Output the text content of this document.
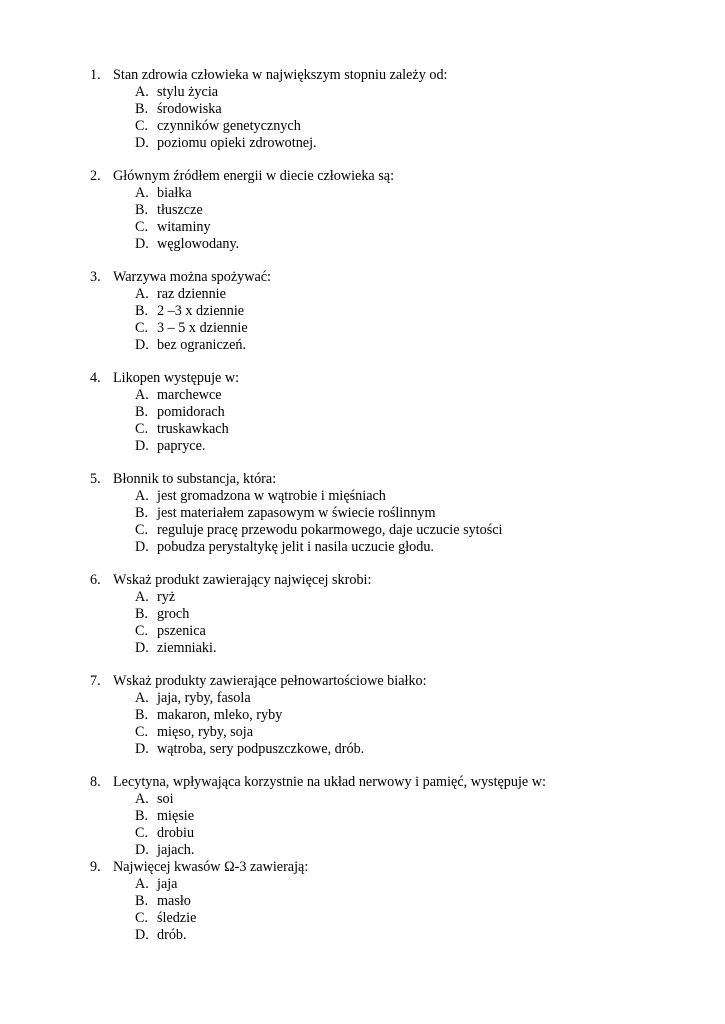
1. Stan zdrowia człowieka w największym stopniu zależy od:
A. stylu życia
B. środowiska
C. czynników genetycznych
D. poziomu opieki zdrowotnej.
2. Głównym źródłem energii w diecie człowieka są:
A. białka
B. tłuszcze
C. witaminy
D. węglowodany.
3. Warzywa można spożywać:
A. raz dziennie
B. 2 –3 x dziennie
C. 3 – 5 x dziennie
D. bez ograniczeń.
4. Likopen występuje w:
A. marchewce
B. pomidorach
C. truskawkach
D. papryce.
5. Błonnik to substancja, która:
A. jest gromadzona w wątrobie i mięśniach
B. jest materiałem zapasowym w świecie roślinnym
C. reguluje pracę przewodu pokarmowego, daje uczucie sytości
D. pobudza perystaltykę jelit i nasila uczucie głodu.
6. Wskaż produkt zawierający najwięcej skrobi:
A. ryż
B. groch
C. pszenica
D. ziemniaki.
7. Wskaż produkty zawierające pełnowartościowe białko:
A. jaja, ryby, fasola
B. makaron, mleko, ryby
C. mięso, ryby, soja
D. wątroba, sery podpuszczkowe, drób.
8. Lecytyna, wpływająca korzystnie na układ nerwowy i pamięć, występuje w:
A. soi
B. mięsie
C. drobiu
D. jajach.
9. Najwięcej kwasów Ω-3 zawierają:
A. jaja
B. masło
C. śledzie
D. drób.
